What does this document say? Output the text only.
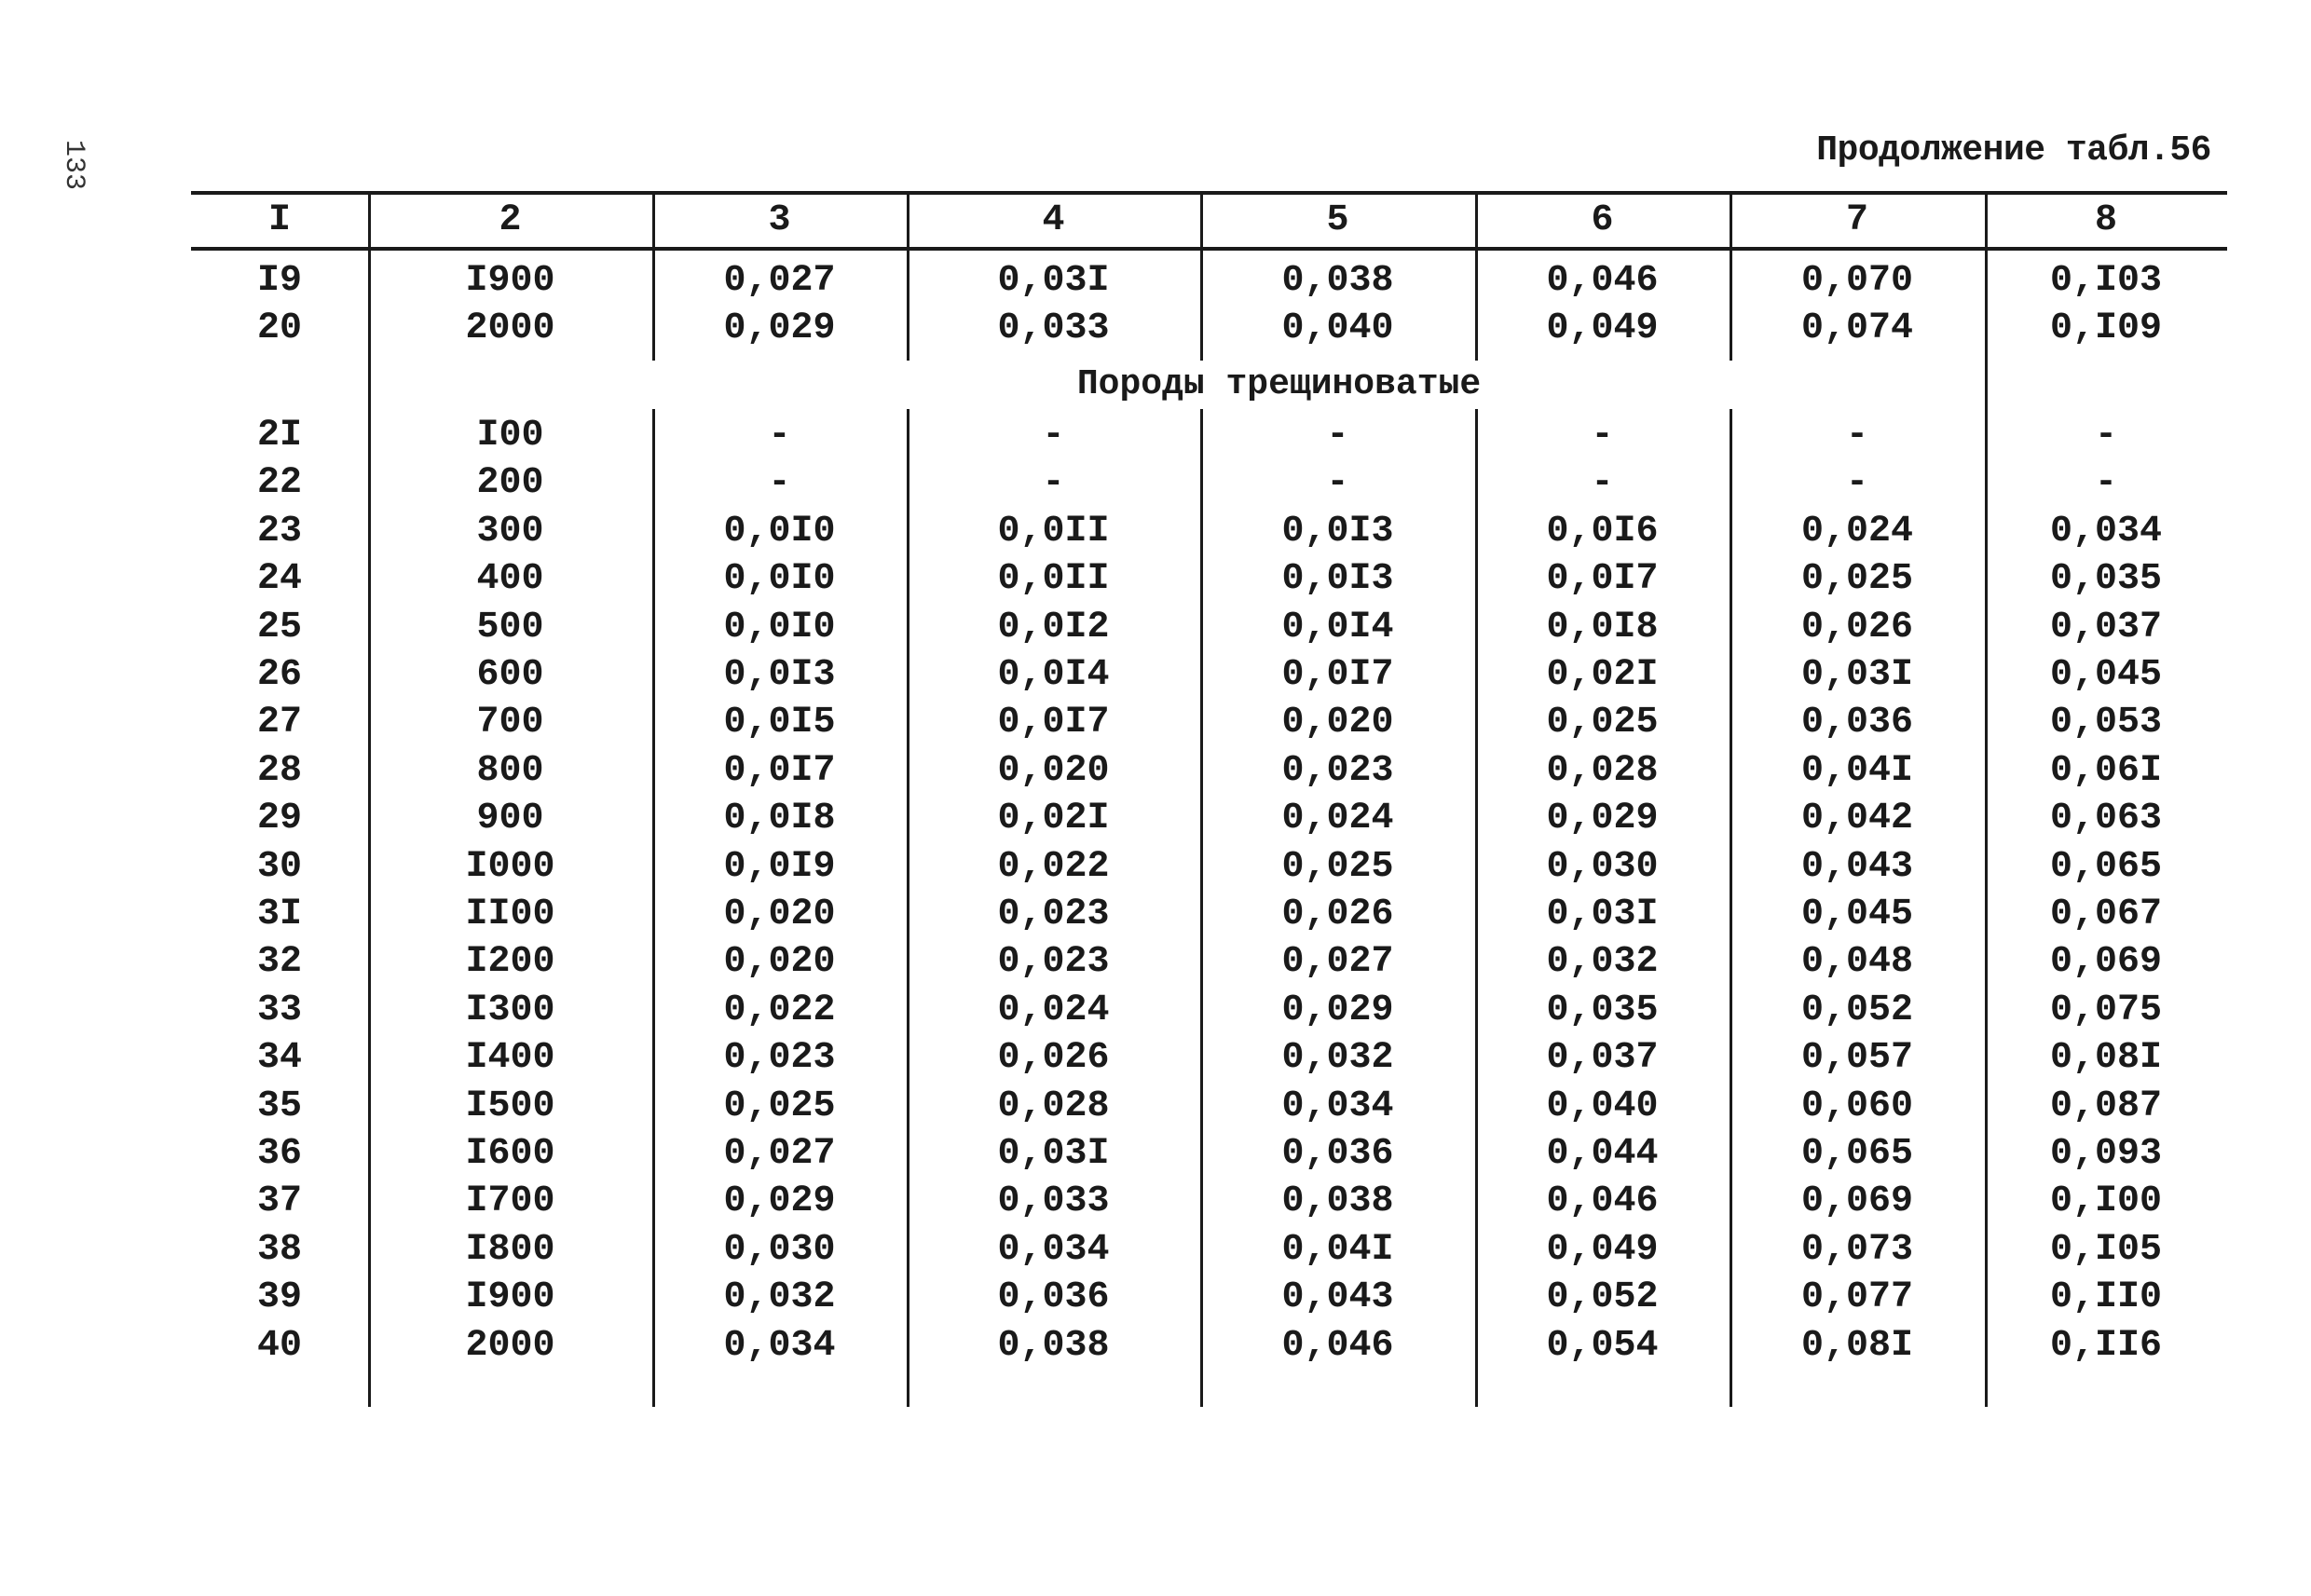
133	Продолжение табл.56
Породы трещиноватые
I	2	3	4	5	6	7	8
I9	I900	0,027	0,03I	0,038	0,046	0,070	0,I03
20	2000	0,029	0,033	0,040	0,049	0,074	0,I09
2I	I00	-	-	-	-	-	-
22	200	-	-	-	-	-	-
23	300	0,0I0	0,0II	0,0I3	0,0I6	0,024	0,034
24	400	0,0I0	0,0II	0,0I3	0,0I7	0,025	0,035
25	500	0,0I0	0,0I2	0,0I4	0,0I8	0,026	0,037
26	600	0,0I3	0,0I4	0,0I7	0,02I	0,03I	0,045
27	700	0,0I5	0,0I7	0,020	0,025	0,036	0,053
28	800	0,0I7	0,020	0,023	0,028	0,04I	0,06I
29	900	0,0I8	0,02I	0,024	0,029	0,042	0,063
30	I000	0,0I9	0,022	0,025	0,030	0,043	0,065
3I	II00	0,020	0,023	0,026	0,03I	0,045	0,067
32	I200	0,020	0,023	0,027	0,032	0,048	0,069
33	I300	0,022	0,024	0,029	0,035	0,052	0,075
34	I400	0,023	0,026	0,032	0,037	0,057	0,08I
35	I500	0,025	0,028	0,034	0,040	0,060	0,087
36	I600	0,027	0,03I	0,036	0,044	0,065	0,093
37	I700	0,029	0,033	0,038	0,046	0,069	0,I00
38	I800	0,030	0,034	0,04I	0,049	0,073	0,I05
39	I900	0,032	0,036	0,043	0,052	0,077	0,II0
40	2000	0,034	0,038	0,046	0,054	0,08I	0,II6
